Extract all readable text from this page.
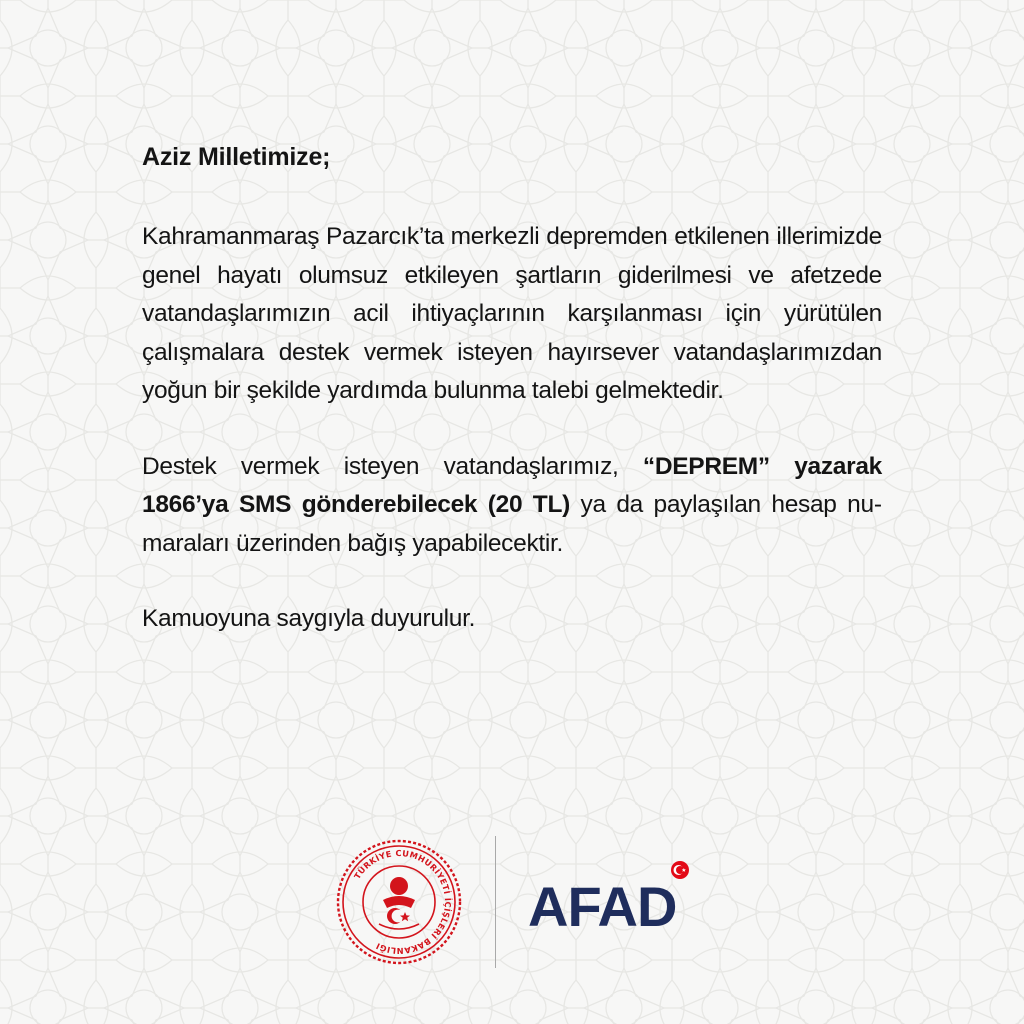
Aziz Milletimize;

Kahramanmaraş Pazarcık’ta merkezli depremden etkilenen illerimizde genel hayatı olumsuz etkileyen şartların giderilmesi ve afetzede vatandaşlarımızın acil ihtiyaçlarının karşılanması için yürütülen çalışmalara destek vermek isteyen hayırsever vatandaşlarımızdan yoğun bir şekilde yardımda bulunma talebi gelmektedir.

Destek vermek isteyen vatandaşlarımız, “DEPREM” yazarak 1866’ya SMS gönderebilecek (20 TL) ya da paylaşılan hesap numaraları üzerinden bağış yapabilecektir.

Kamuoyuna saygıyla duyurulur.

TÜRKİYE CUMHURİYETİ İÇİŞLERİ BAKANLIĞI
AFAD
